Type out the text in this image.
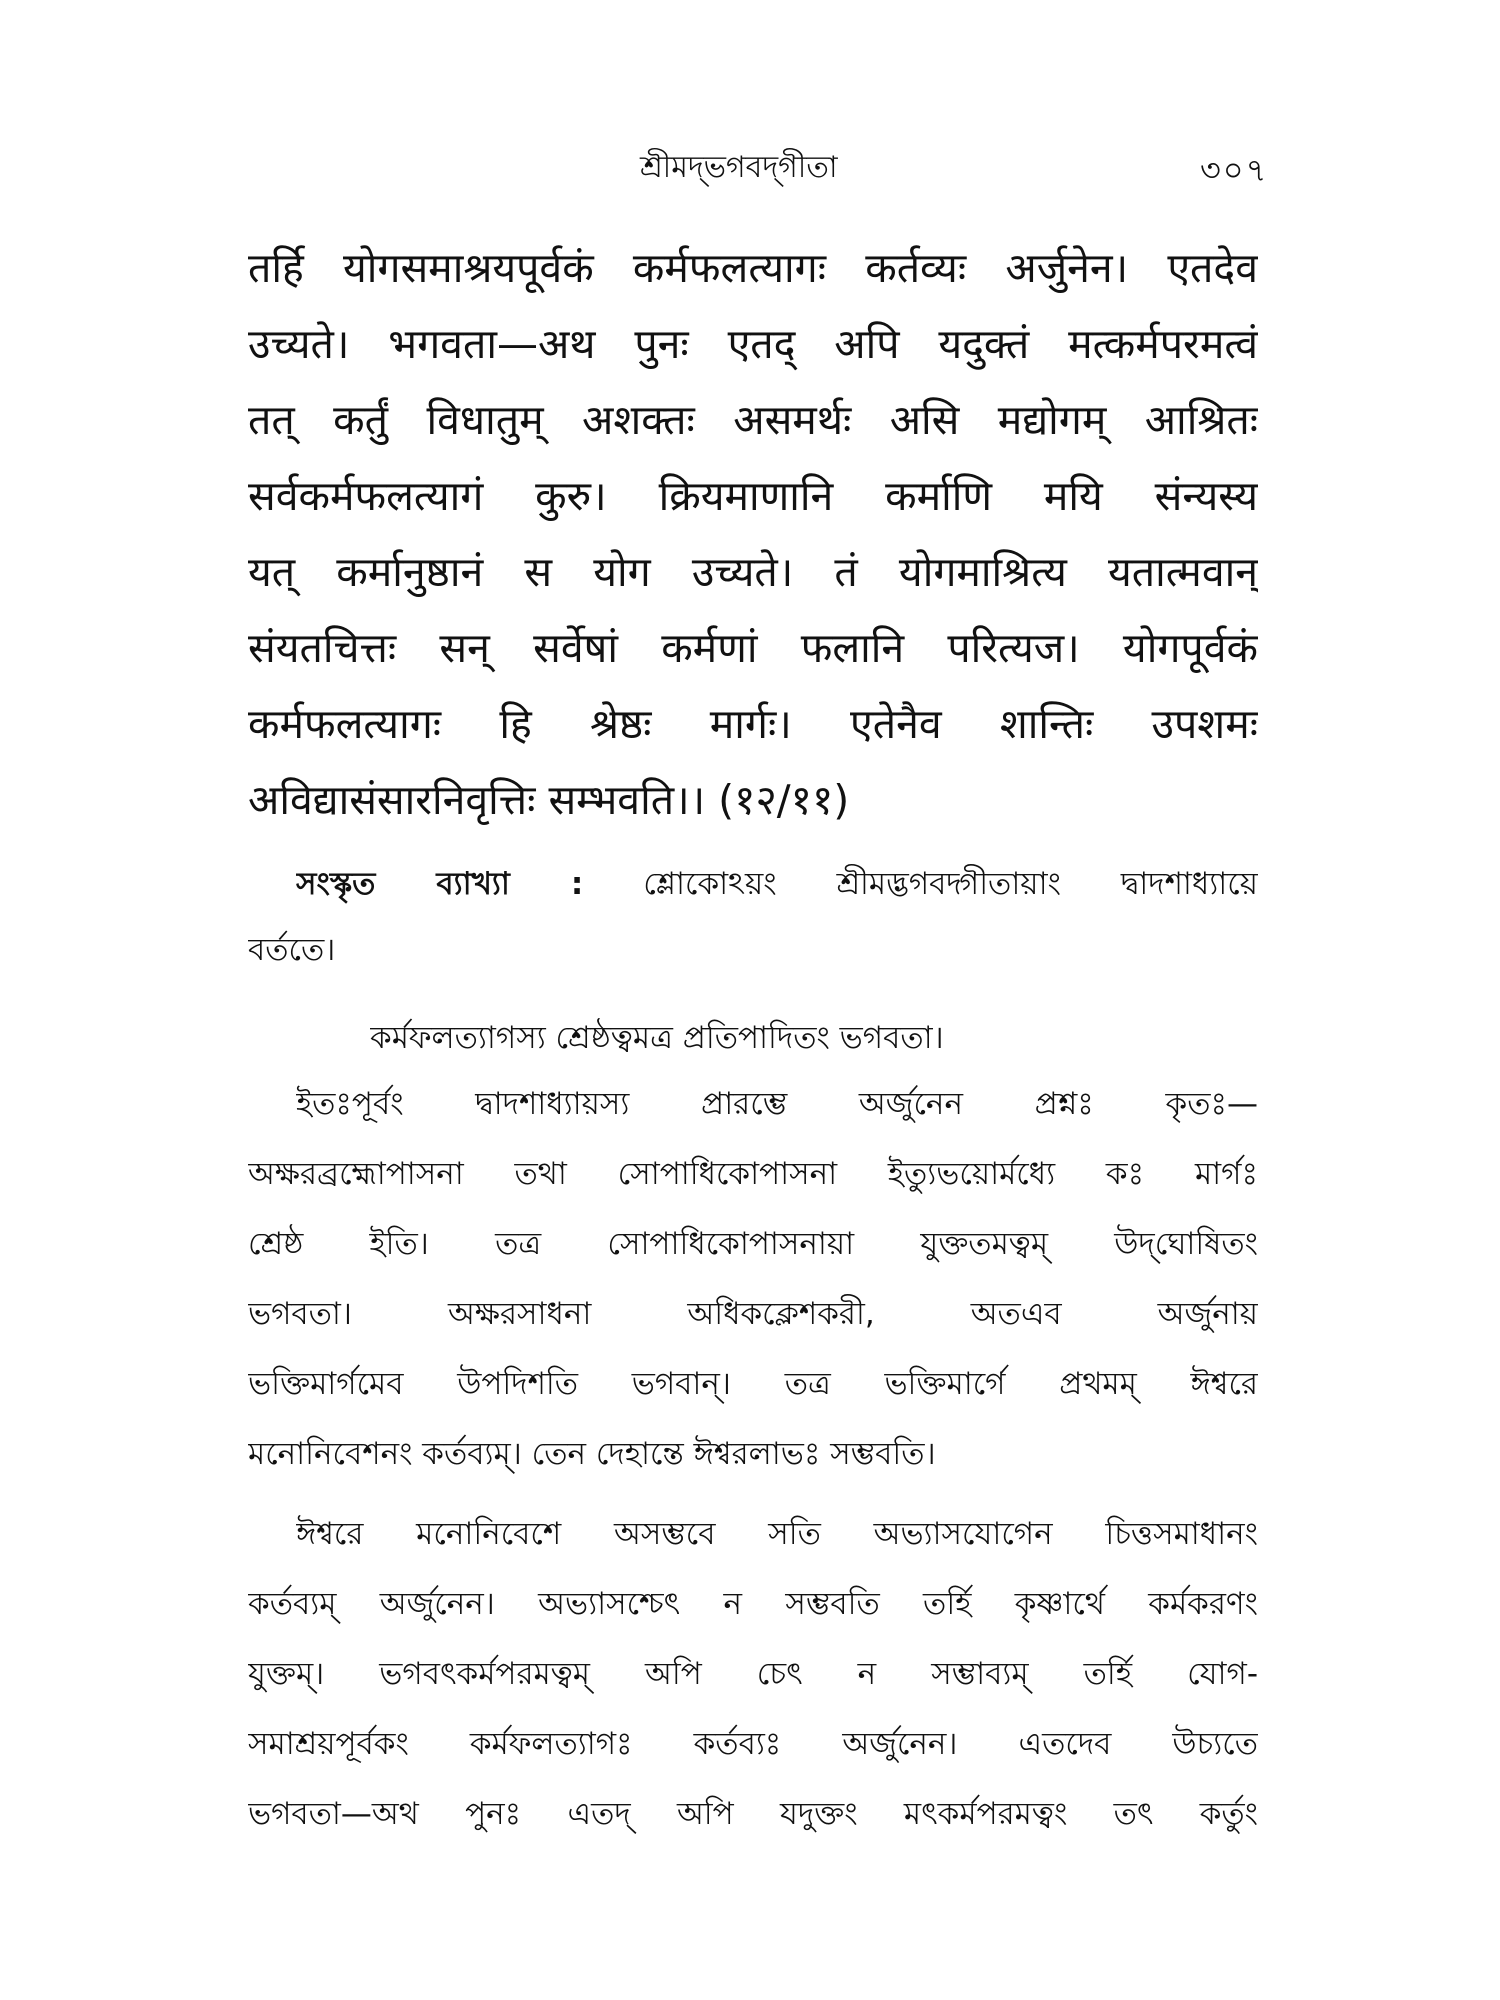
শ্রীমদ্‌ভগবদ্‌গীতা	৩০৭
तर्हि योगसमाश्रयपूर्वकं कर्मफलत्यागः कर्तव्यः अर्जुनेन। एतदेव
उच्यते। भगवता—अथ पुनः एतद् अपि यदुक्तं मत्कर्मपरमत्वं
तत् कर्तुं विधातुम् अशक्तः असमर्थः असि मद्योगम् आश्रितः
सर्वकर्मफलत्यागं कुरु। क्रियमाणानि कर्माणि मयि संन्यस्य
यत् कर्मानुष्ठानं स योग उच्यते। तं योगमाश्रित्य यतात्मवान्
संयतचित्तः सन् सर्वेषां कर्मणां फलानि परित्यज। योगपूर्वकं
कर्मफलत्यागः हि श्रेष्ठः मार्गः। एतेनैव शान्तिः उपशमः
अविद्यासंसारनिवृत्तिः सम्भवति।। (१२/११)
সংস্কৃত ব্যাখ্যা : শ্লোকোঽয়ং শ্রীমদ্ভগবদ্গীতায়াং দ্বাদশাধ্যায়ে
বর্ততে।
কর্মফলত্যাগস্য শ্রেষ্ঠত্বমত্র প্রতিপাদিতং ভগবতা।
ইতঃপূর্বং দ্বাদশাধ্যায়স্য প্রারম্ভে অর্জুনেন প্রশ্নঃ কৃতঃ—
অক্ষরব্রহ্মোপাসনা তথা সোপাধিকোপাসনা ইত্যুভয়োর্মধ্যে কঃ মার্গঃ
শ্রেষ্ঠ ইতি। তত্র সোপাধিকোপাসনায়া যুক্ততমত্বম্ উদ্‌ঘোষিতং
ভগবতা। অক্ষরসাধনা অধিকক্লেশকরী, অতএব অর্জুনায়
ভক্তিমার্গমেব উপদিশতি ভগবান্। তত্র ভক্তিমার্গে প্রথমম্ ঈশ্বরে
মনোনিবেশনং কর্তব্যম্। তেন দেহান্তে ঈশ্বরলাভঃ সম্ভবতি।
ঈশ্বরে মনোনিবেশে অসম্ভবে সতি অভ্যাসযোগেন চিত্তসমাধানং
কর্তব্যম্ অর্জুনেন। অভ্যাসশ্চেৎ ন সম্ভবতি তর্হি কৃষ্ণার্থে কর্মকরণং
যুক্তম্। ভগবৎকর্মপরমত্বম্ অপি চেৎ ন সম্ভাব্যম্ তর্হি যোগ-
সমাশ্রয়পূর্বকং কর্মফলত্যাগঃ কর্তব্যঃ অর্জুনেন। এতদেব উচ্যতে
ভগবতা—অথ পুনঃ এতদ্ অপি যদুক্তং মৎকর্মপরমত্বং তৎ কর্তুং
